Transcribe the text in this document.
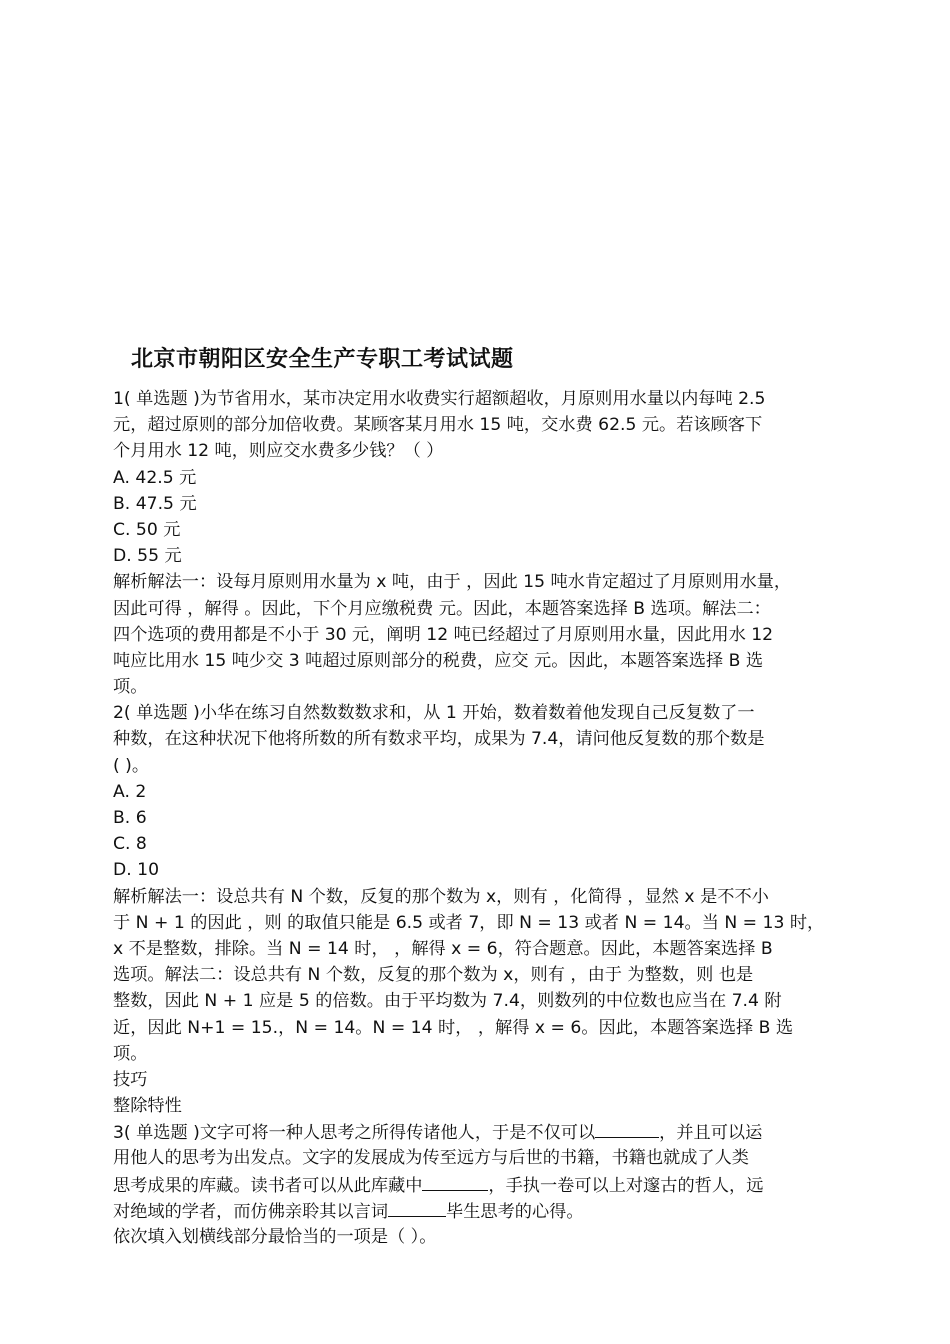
北京市朝阳区安全生产专职工考试试题
1( 单选题 )为节省用水，某市决定用水收费实行超额超收，月原则用水量以内每吨 2.5
元，超过原则的部分加倍收费。某顾客某月用水 15 吨，交水费 62.5 元。若该顾客下
个月用水 12 吨，则应交水费多少钱？（ ）
A. 42.5 元
B. 47.5 元
C. 50 元
D. 55 元
解析解法一：设每月原则用水量为 x 吨，由于 ，因此 15 吨水肯定超过了月原则用水量，
因此可得 ，解得 。因此，下个月应缴税费 元。因此，本题答案选择 B 选项。解法二：
四个选项的费用都是不小于 30 元，阐明 12 吨已经超过了月原则用水量，因此用水 12
吨应比用水 15 吨少交 3 吨超过原则部分的税费，应交 元。因此，本题答案选择 B 选
项。
2( 单选题 )小华在练习自然数数数求和，从 1 开始，数着数着他发现自己反复数了一
种数，在这种状况下他将所数的所有数求平均，成果为 7.4，请问他反复数的那个数是
( )。
A. 2
B. 6
C. 8
D. 10
解析解法一：设总共有 N 个数，反复的那个数为 x，则有 ，化简得 ，显然 x 是不不小
于 N + 1 的因此 ，则 的取值只能是 6.5 或者 7，即 N = 13 或者 N = 14。当 N = 13 时，
x 不是整数，排除。当 N = 14 时， ，解得 x = 6，符合题意。因此，本题答案选择 B
选项。解法二：设总共有 N 个数，反复的那个数为 x，则有 ，由于 为整数，则 也是
整数，因此 N + 1 应是 5 的倍数。由于平均数为 7.4，则数列的中位数也应当在 7.4 附
近，因此 N+1 = 15.，N = 14。N = 14 时， ，解得 x = 6。因此，本题答案选择 B 选
项。
技巧
整除特性
3( 单选题 )文字可将一种人思考之所得传诸他人，于是不仅可以	，并且可以运
用他人的思考为出发点。文字的发展成为传至远方与后世的书籍，书籍也就成了人类
思考成果的库藏。读书者可以从此库藏中	，手执一卷可以上对邃古的哲人，远
对绝域的学者，而仿佛亲聆其以言词	毕生思考的心得。
依次填入划横线部分最恰当的一项是（ ）。
